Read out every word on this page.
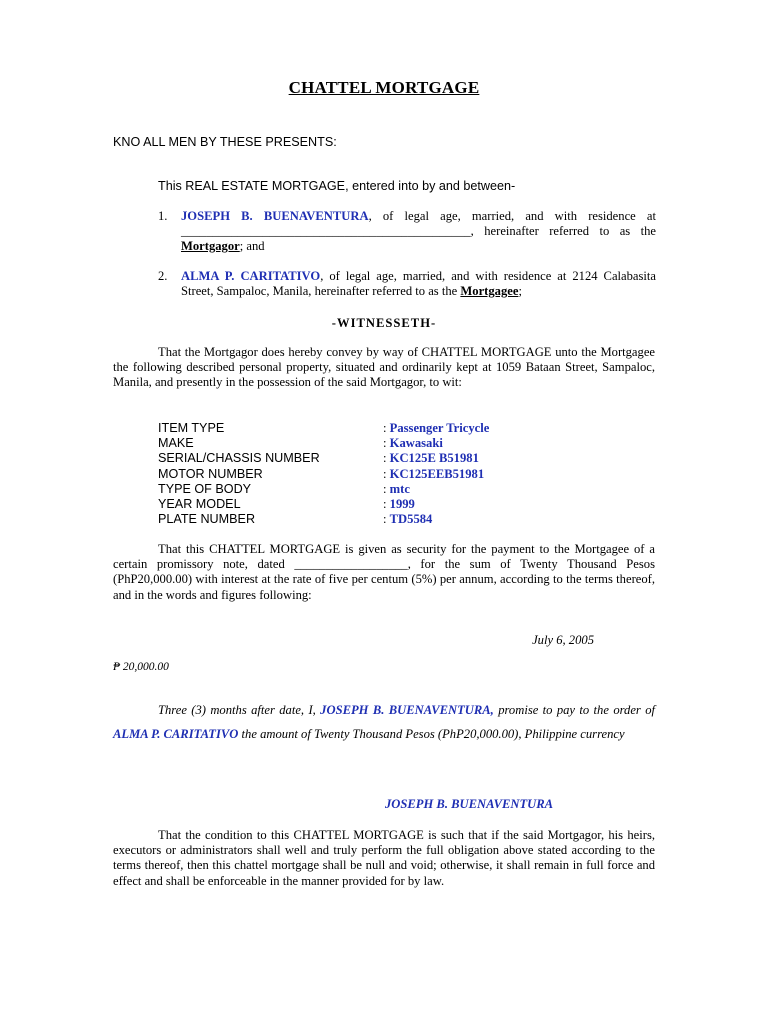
CHATTEL MORTGAGE
KNO ALL MEN BY THESE PRESENTS:
This REAL ESTATE MORTGAGE, entered into by and between-
1. JOSEPH B. BUENAVENTURA, of legal age, married, and with residence at ______________________________________________, hereinafter referred to as the Mortgagor; and
2. ALMA P. CARITATIVO, of legal age, married, and with residence at 2124 Calabasita Street, Sampaloc, Manila, hereinafter referred to as the Mortgagee;
-WITNESSETH-
That the Mortgagor does hereby convey by way of CHATTEL MORTGAGE unto the Mortgagee the following described personal property, situated and ordinarily kept at 1059 Bataan Street, Sampaloc, Manila, and presently in the possession of the said Mortgagor, to wit:
ITEM TYPE	: Passenger Tricycle
MAKE	: Kawasaki
SERIAL/CHASSIS NUMBER	: KC125E B51981
MOTOR NUMBER	: KC125EEB51981
TYPE OF BODY	: mtc
YEAR MODEL	: 1999
PLATE NUMBER	: TD5584
That this CHATTEL MORTGAGE is given as security for the payment to the Mortgagee of a certain promissory note, dated __________________, for the sum of Twenty Thousand Pesos (PhP20,000.00) with interest at the rate of five per centum (5%) per annum, according to the terms thereof, and in the words and figures following:
July 6, 2005
₱ 20,000.00
Three (3) months after date, I, JOSEPH B. BUENAVENTURA, promise to pay to the order of ALMA P. CARITATIVO the amount of Twenty Thousand Pesos (PhP20,000.00), Philippine currency
JOSEPH B. BUENAVENTURA
That the condition to this CHATTEL MORTGAGE is such that if the said Mortgagor, his heirs, executors or administrators shall well and truly perform the full obligation above stated according to the terms thereof, then this chattel mortgage shall be null and void; otherwise, it shall remain in full force and effect and shall be enforceable in the manner provided for by law.
